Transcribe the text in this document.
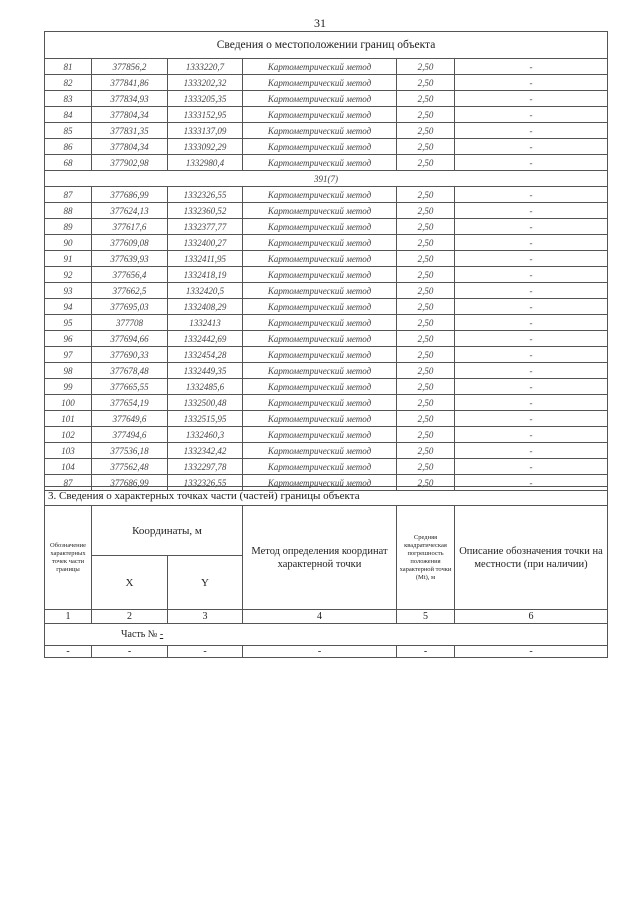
31
Сведения о местоположении границ объекта					
81	377856,2	1333220,7	Картометрический метод	2,50	-
82	377841,86	1333202,32	Картометрический метод	2,50	-
83	377834,93	1333205,35	Картометрический метод	2,50	-
84	377804,34	1333152,95	Картометрический метод	2,50	-
85	377831,35	1333137,09	Картометрический метод	2,50	-
86	377804,34	1333092,29	Картометрический метод	2,50	-
68	377902,98	1332980,4	Картометрический метод	2,50	-
391(7)					
87	377686,99	1332326,55	Картометрический метод	2,50	-
88	377624,13	1332360,52	Картометрический метод	2,50	-
89	377617,6	1332377,77	Картометрический метод	2,50	-
90	377609,08	1332400,27	Картометрический метод	2,50	-
91	377639,93	1332411,95	Картометрический метод	2,50	-
92	377656,4	1332418,19	Картометрический метод	2,50	-
93	377662,5	1332420,5	Картометрический метод	2,50	-
94	377695,03	1332408,29	Картометрический метод	2,50	-
95	377708	1332413	Картометрический метод	2,50	-
96	377694,66	1332442,69	Картометрический метод	2,50	-
97	377690,33	1332454,28	Картометрический метод	2,50	-
98	377678,48	1332449,35	Картометрический метод	2,50	-
99	377665,55	1332485,6	Картометрический метод	2,50	-
100	377654,19	1332500,48	Картометрический метод	2,50	-
101	377649,6	1332515,95	Картометрический метод	2,50	-
102	377494,6	1332460,3	Картометрический метод	2,50	-
103	377536,18	1332342,42	Картометрический метод	2,50	-
104	377562,48	1332297,78	Картометрический метод	2,50	-
87	377686,99	1332326,55	Картометрический метод	2,50	-
3. Сведения о характерных точках части (частей) границы объекта					
Обозначение характерных точек части границы	Координаты, м		Метод определения координат характерной точки	Средняя квадратическая погрешность положения характерной точки (Mt), м	Описание обозначения точки на местности (при наличии)
	X	Y			
1	2	3	4	5	6
Часть № -					
-	-	-	-	-	-
